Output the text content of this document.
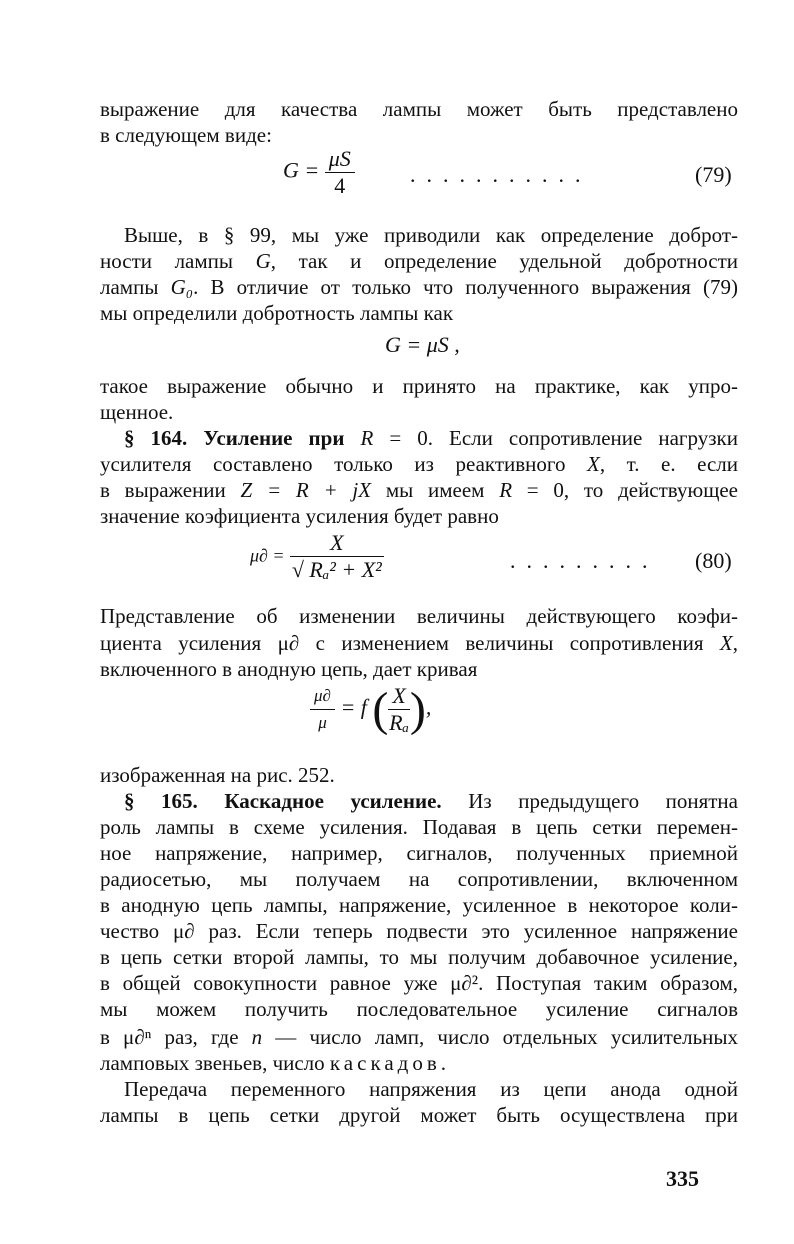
выражение для качества лампы может быть представлено
в следующем виде:
Выше, в § 99, мы уже приводили как определение доброт-
ности лампы G, так и определение удельной добротности
лампы G₀. В отличие от только что полученного выражения (79)
мы определили добротность лампы как
такое выражение обычно и принято на практике, как упро-
щенное.
§ 164. Усиление при R = 0. Если сопротивление нагрузки
усилителя составлено только из реактивного X, т. е. если
в выражении Z = R + jX мы имеем R = 0, то действующее
значение коэфициента усиления будет равно
Представление об изменении величины действующего коэфи-
циента усиления μ∂ с изменением величины сопротивления X,
включенного в анодную цепь, дает кривая
изображенная на рис. 252.
§ 165. Каскадное усиление. Из предыдущего понятна
роль лампы в схеме усиления. Подавая в цепь сетки перемен-
ное напряжение, например, сигналов, полученных приемной
радиосетью, мы получаем на сопротивлении, включенном
в анодную цепь лампы, напряжение, усиленное в некоторое коли-
чество μ∂ раз. Если теперь подвести это усиленное напряжение
в цепь сетки второй лампы, то мы получим добавочное усиление,
в общей совокупности равное уже μ∂². Поступая таким образом,
мы можем получить последовательное усиление сигналов
в μ∂ⁿ раз, где n — число ламп, число отдельных усилительных
ламповых звеньев, число каскадов.
Передача переменного напряжения из цепи анода одной
лампы в цепь сетки другой может быть осуществлена при
$G = \frac{\mu S}{4}$	...........	(79)
G = μS ,
$\mu\partial = \frac{X}{\text{√ Rₐ² + X²}}$	......... (80)
$\frac{\mu\partial}{\mu} = f$ ( $\frac{X}{\text{Rₐ}}$ ),
335
